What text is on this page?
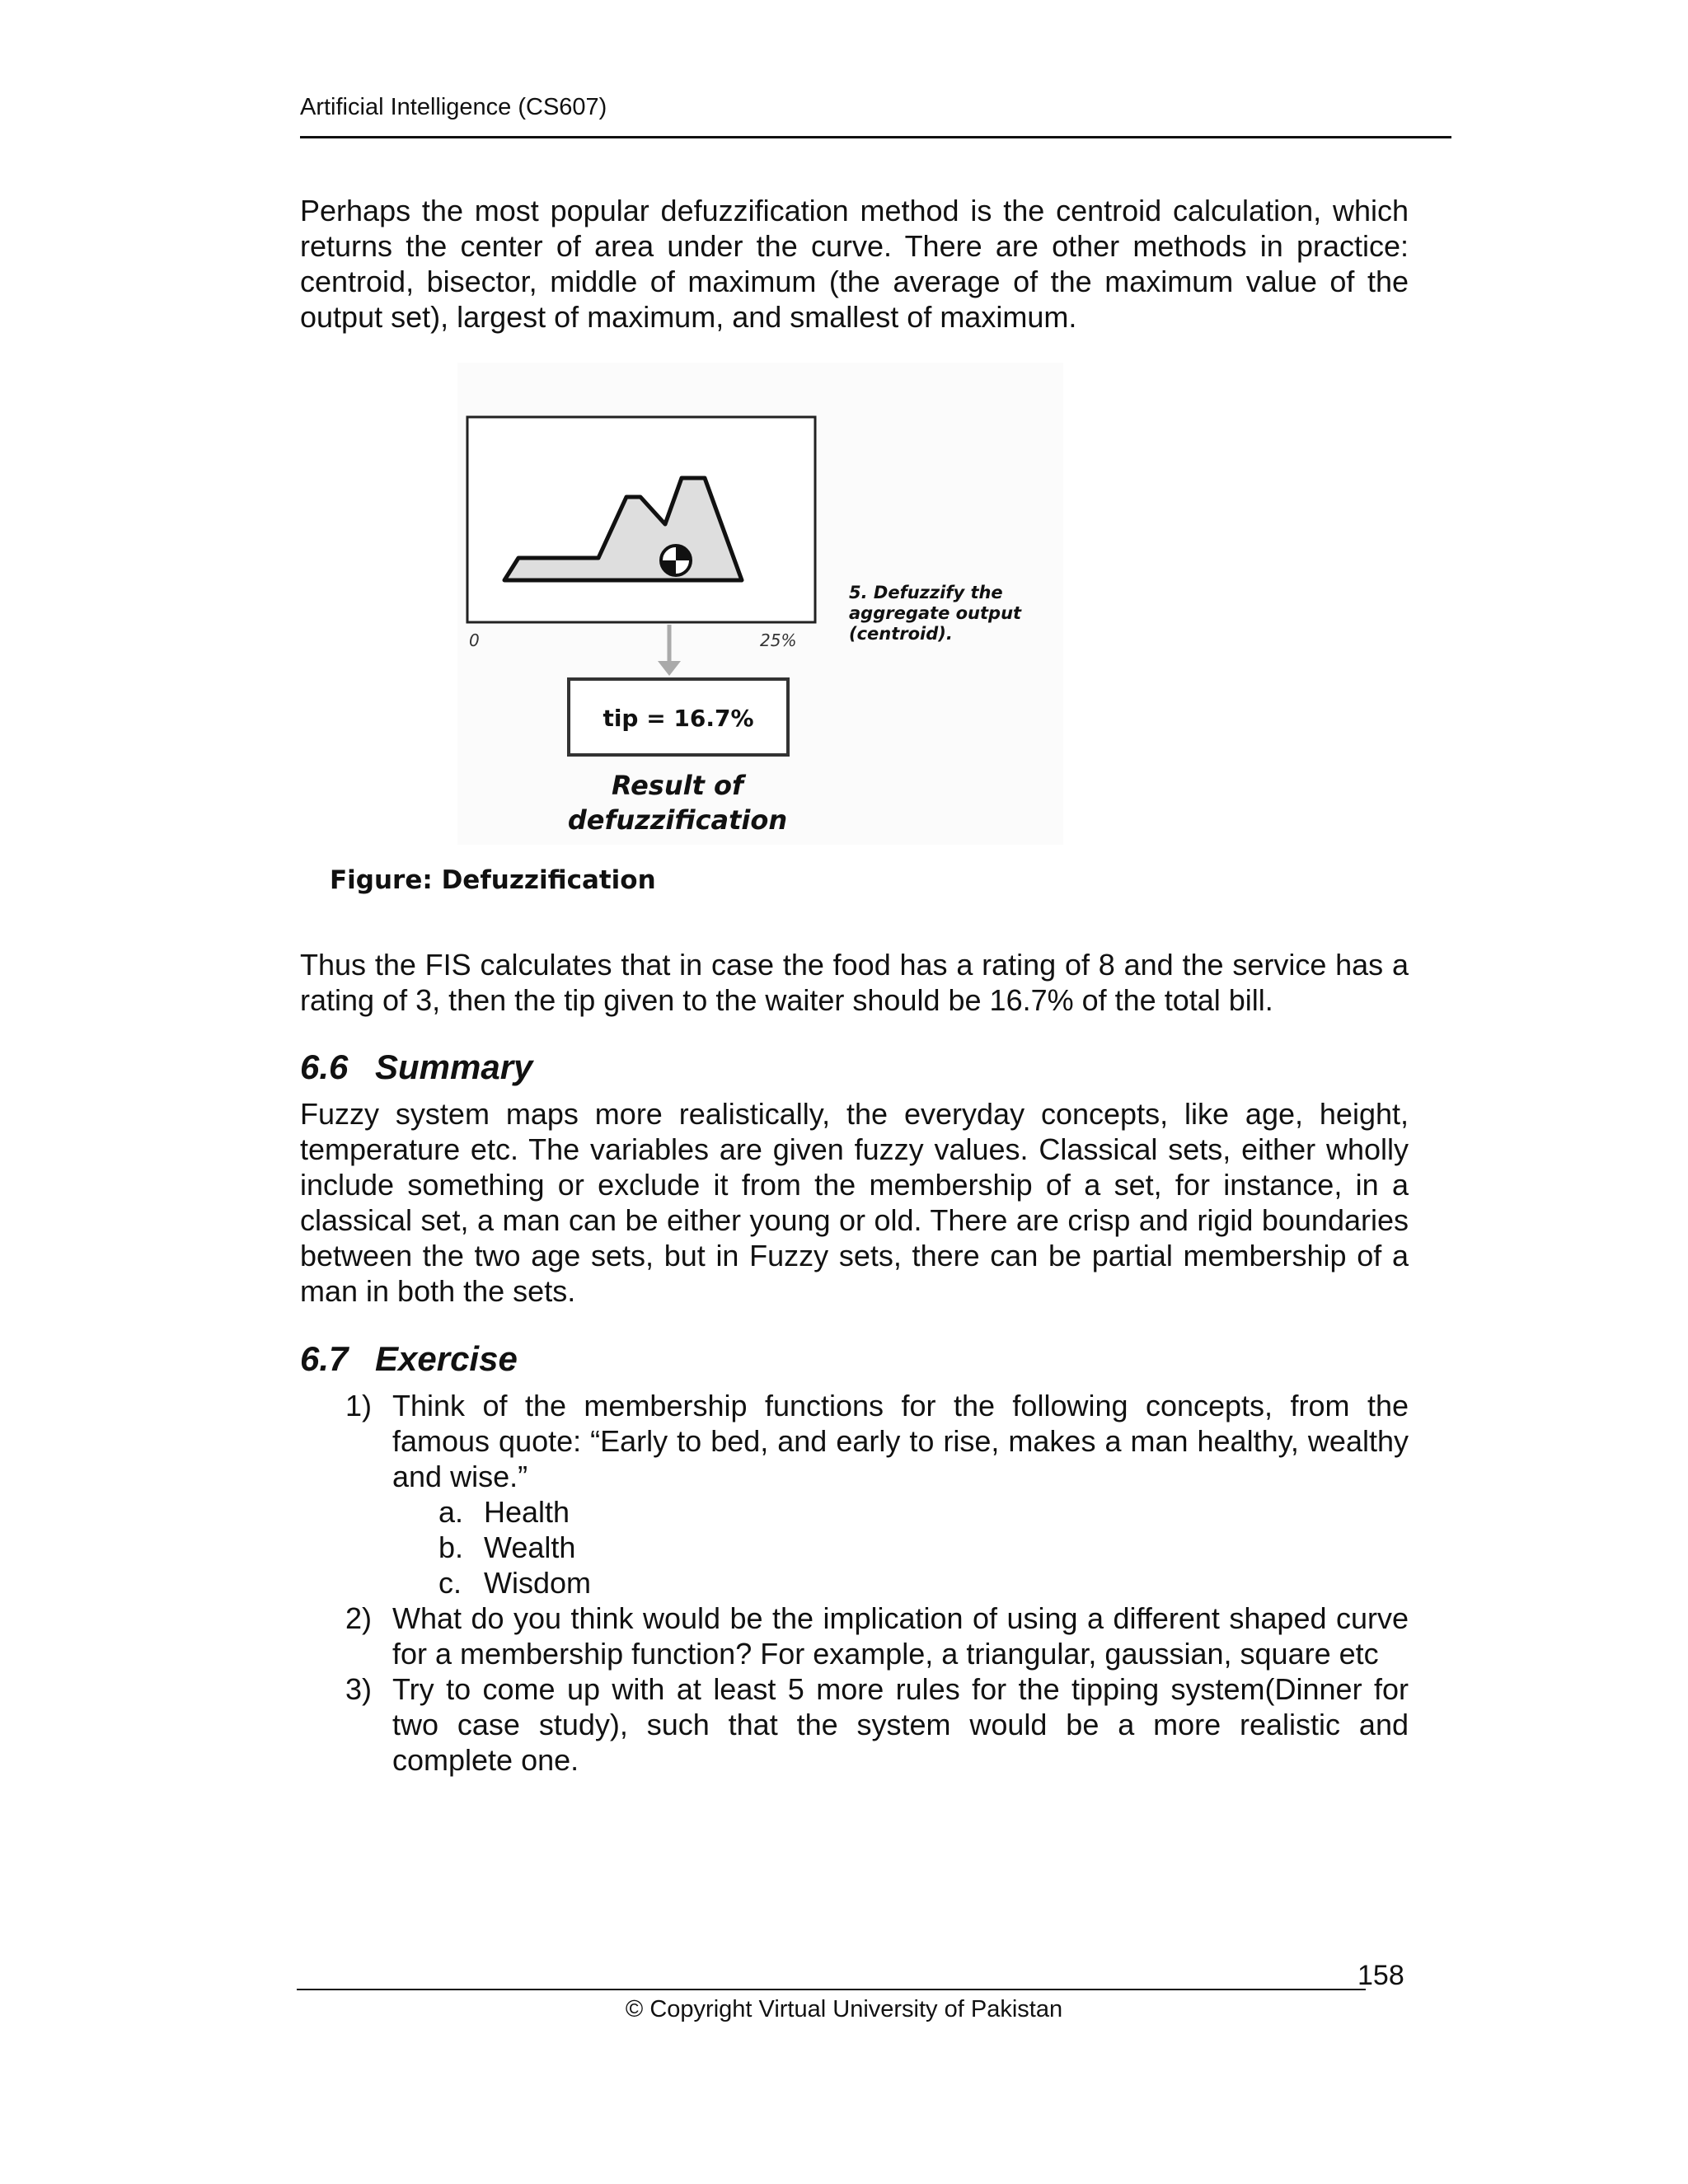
Artificial Intelligence (CS607)

Perhaps the most popular defuzzification method is the centroid calculation, which returns the center of area under the curve. There are other methods in practice: centroid, bisector, middle of maximum (the average of the maximum value of the output set), largest of maximum, and smallest of maximum.

0	25%
5. Defuzzify the
aggregate output
(centroid).
tip = 16.7%
Result of
defuzzification
Figure: Defuzzification

Thus the FIS calculates that in case the food has a rating of 8 and the service has a rating of 3, then the tip given to the waiter should be 16.7% of the total bill.

6.6 Summary

Fuzzy system maps more realistically, the everyday concepts, like age, height, temperature etc. The variables are given fuzzy values. Classical sets, either wholly include something or exclude it from the membership of a set, for instance, in a classical set, a man can be either young or old. There are crisp and rigid boundaries between the two age sets, but in Fuzzy sets, there can be partial membership of a man in both the sets.

6.7 Exercise
1) Think of the membership functions for the following concepts, from the famous quote: “Early to bed, and early to rise, makes a man healthy, wealthy and wise.”
a. Health
b. Wealth
c. Wisdom
2) What do you think would be the implication of using a different shaped curve for a membership function? For example, a triangular, gaussian, square etc
3) Try to come up with at least 5 more rules for the tipping system(Dinner for two case study), such that the system would be a more realistic and complete one.
158
© Copyright Virtual University of Pakistan
